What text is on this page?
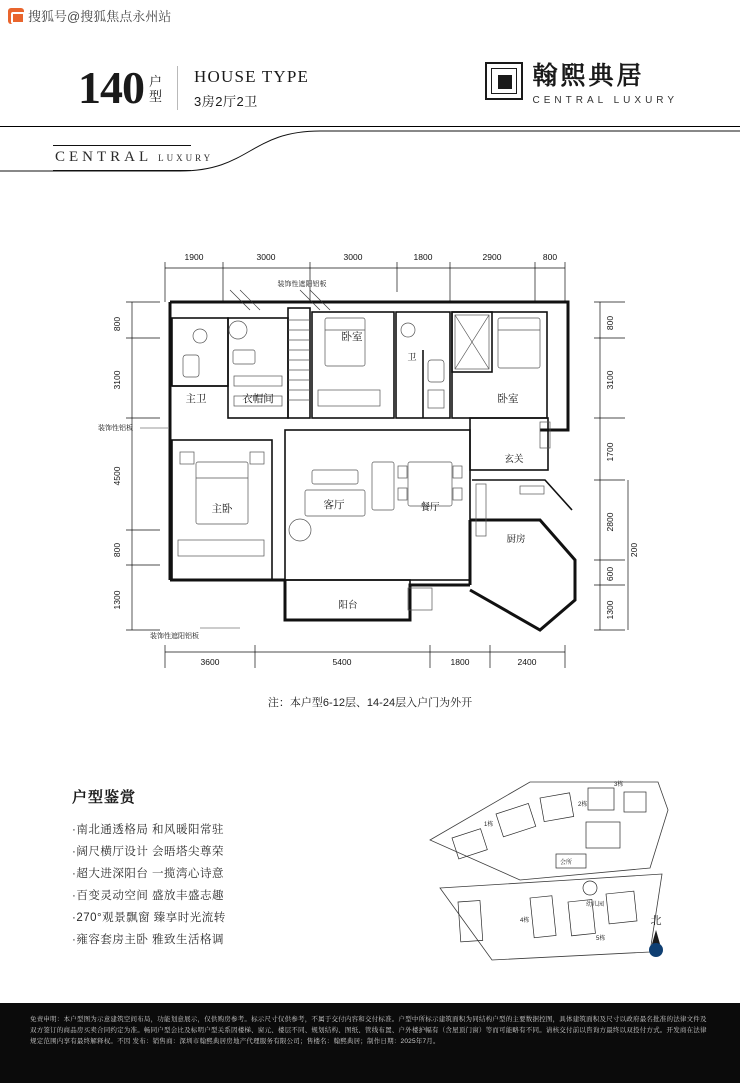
搜狐号@搜狐焦点永州站
140 户
型
HOUSE TYPE
3房2厅2卫
翰熙典居
CENTRAL LUXURY
CENTRAL LUXURY
1900	3000	3000	1800	2900	800
3600	5400	1800	2400
800
3100
4500
800
1300
800
3100
1700
2800
600
200
1300
衣帽间
主卫
卧室
卫
卧室
玄关
主卧	客厅	餐厅
厨房
阳台
装饰性遮阳铝板
装饰性铝板
装饰性遮阳铝板
注：本户型6-12层、14-24层入户门为外开
户型鉴赏
·南北通透格局 和风暖阳常驻
·阔尺横厅设计 会晤塔尖尊荣
·超大进深阳台 一揽湾心诗意
·百变灵动空间 盛放丰盛志趣
·270°观景飘窗 臻享时光流转
·雍容套房主卧 雅致生活格调
1栋
2栋
3栋
4栋
5栋
会所
幼儿园
北
免责申明：本户型图为示意建筑空间布局，功能划意展示，仅供购房参考。标示尺寸仅供参考，不属于交付内容和交付标准。户型中所标示建筑面积为同结构户型的主要数据控图，具体建筑面积及尺寸以政府最名批准的法律文件及双方签订的商品房买卖合同约定为准。畅同户型会比及标明户型关系因楼梯、窗元、楼层不同、规划结构、图纸、管线布置、户外楼护幅有（含屋顶门窗）等而可能略有不同。请核交付前以咨询方最终以双投付方式。开发商在法律规定范围内享有最终解释权。不因 发布：销售商：深圳市翰熙典居房地产代理服务有限公司；售楼名：翰熙典居；制作日期：2025年7月。
